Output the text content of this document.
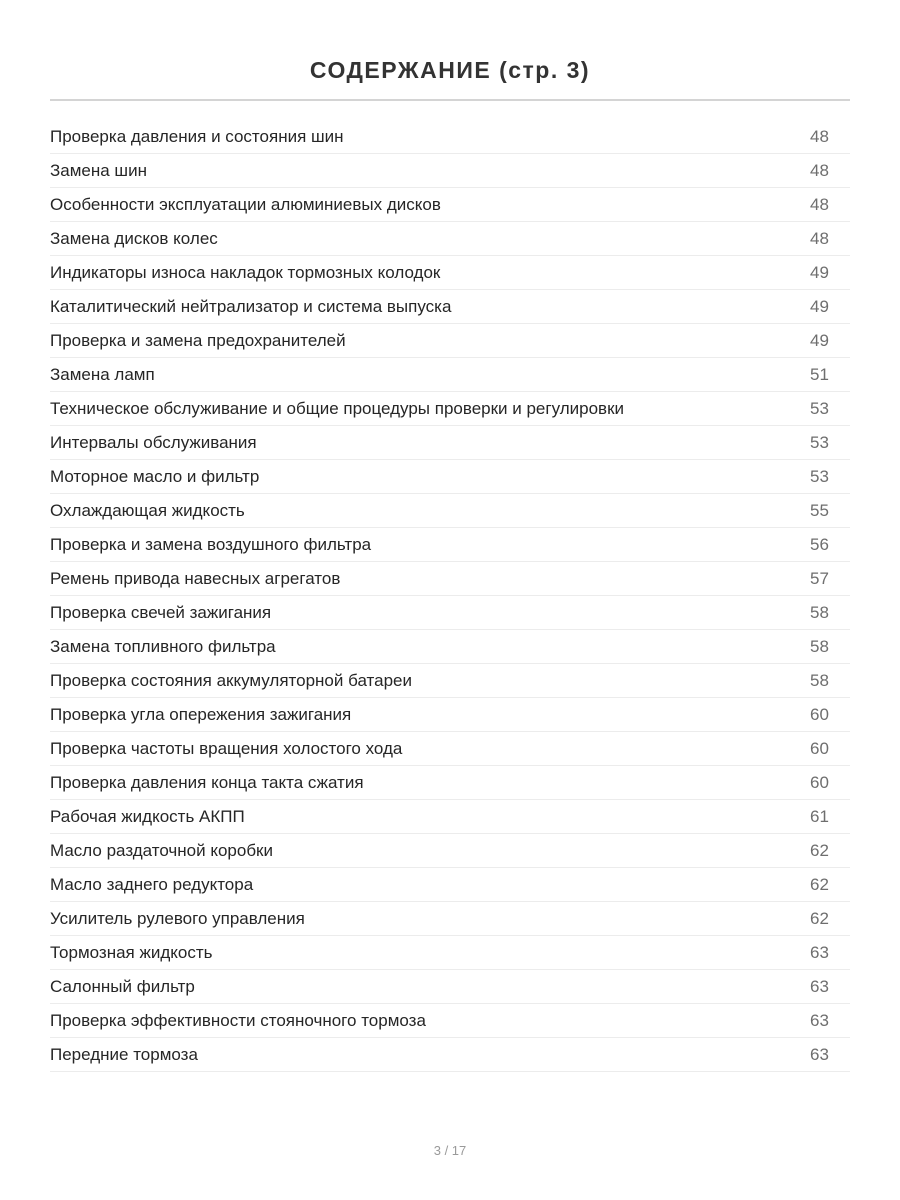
СОДЕРЖАНИЕ (стр. 3)
Проверка давления и состояния шин	48
Замена шин	48
Особенности эксплуатации алюминиевых дисков	48
Замена дисков колес	48
Индикаторы износа накладок тормозных колодок	49
Каталитический нейтрализатор и система выпуска	49
Проверка и замена предохранителей	49
Замена ламп	51
Техническое обслуживание и общие процедуры проверки и регулировки	53
Интервалы обслуживания	53
Моторное масло и фильтр	53
Охлаждающая жидкость	55
Проверка и замена воздушного фильтра	56
Ремень привода навесных агрегатов	57
Проверка свечей зажигания	58
Замена топливного фильтра	58
Проверка состояния аккумуляторной батареи	58
Проверка угла опережения зажигания	60
Проверка частоты вращения холостого хода	60
Проверка давления конца такта сжатия	60
Рабочая жидкость АКПП	61
Масло раздаточной коробки	62
Масло заднего редуктора	62
Усилитель рулевого управления	62
Тормозная жидкость	63
Салонный фильтр	63
Проверка эффективности стояночного тормоза	63
Передние тормоза	63
3 / 17
